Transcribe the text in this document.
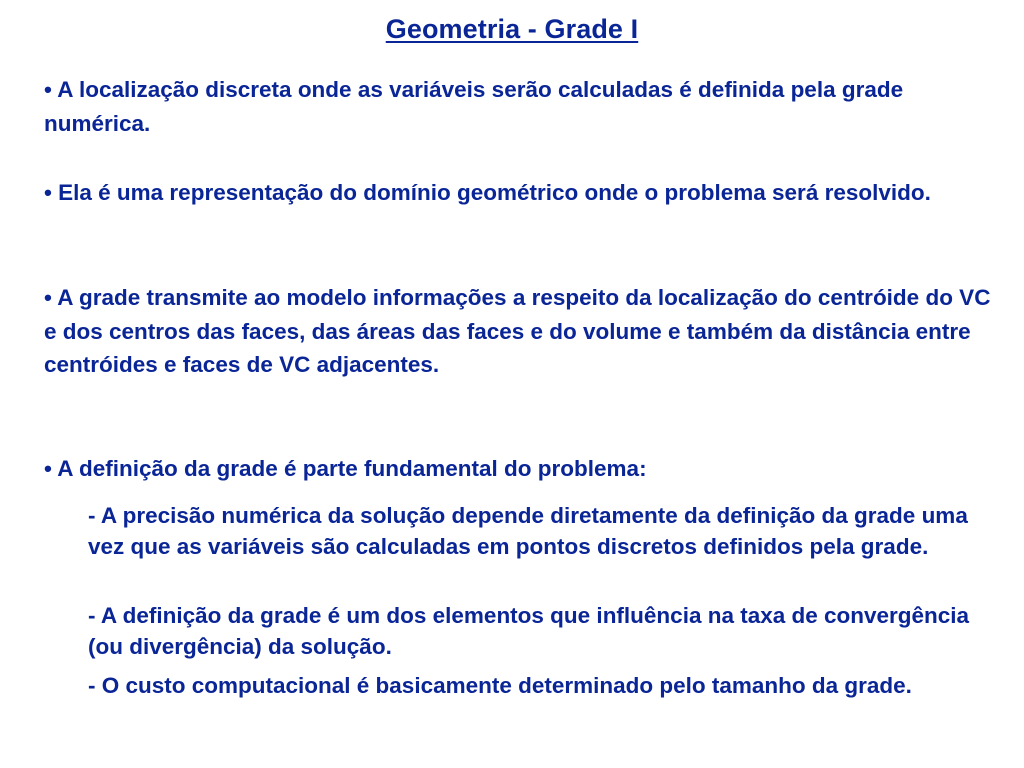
Geometria - Grade I
• A localização discreta onde as variáveis serão calculadas é definida pela grade numérica.
• Ela é uma representação do domínio geométrico onde o problema será resolvido.
• A grade transmite ao modelo informações a respeito da localização do centróide do VC e dos centros das faces, das áreas das faces e do volume e também da distância entre centróides e faces de VC adjacentes.
• A definição da grade é parte fundamental do problema:
- A precisão numérica da solução depende diretamente da definição da grade uma vez que as variáveis são calculadas em pontos discretos definidos pela grade.
- A definição da grade é um dos elementos que influência na taxa de convergência (ou divergência) da solução.
- O custo computacional é basicamente determinado pelo tamanho da grade.
